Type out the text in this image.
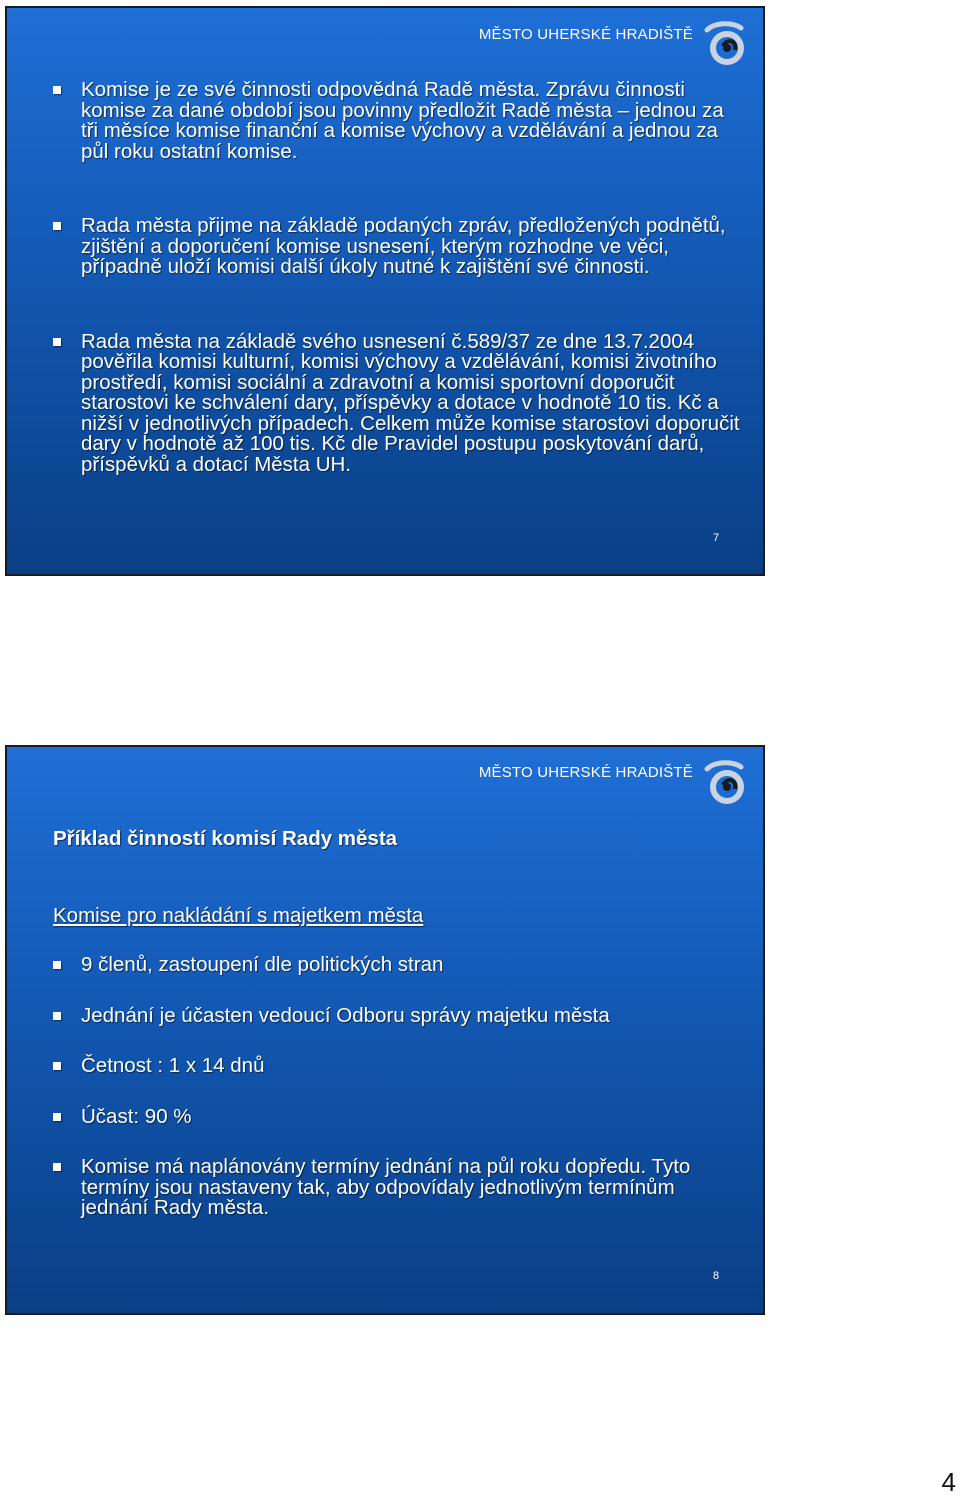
MĚSTO UHERSKÉ HRADIŠTĚ
Komise je ze své činnosti odpovědná Radě města. Zprávu činnosti komise za dané období jsou povinny předložit Radě města – jednou za tři měsíce komise finanční a komise výchovy a vzdělávání a jednou za půl roku ostatní komise.
Rada města přijme na základě podaných zpráv, předložených podnětů, zjištění a doporučení komise usnesení, kterým rozhodne ve věci, případně uloží komisi další úkoly nutné k zajištění své činnosti.
Rada města na základě svého usnesení č.589/37 ze dne 13.7.2004 pověřila komisi kulturní, komisi výchovy a vzdělávání, komisi životního prostředí, komisi sociální a zdravotní a komisi sportovní doporučit starostovi ke schválení dary, příspěvky a dotace v hodnotě 10 tis. Kč a nižší v jednotlivých případech. Celkem může komise starostovi doporučit dary v hodnotě až 100 tis. Kč dle Pravidel postupu poskytování darů, příspěvků a dotací Města UH.
7
MĚSTO UHERSKÉ HRADIŠTĚ
Příklad činností komisí Rady města
Komise pro nakládání s majetkem města
9 členů, zastoupení dle politických stran
Jednání je účasten vedoucí Odboru správy majetku města
Četnost : 1 x 14 dnů
Účast: 90 %
Komise má naplánovány termíny jednání na půl roku dopředu. Tyto termíny jsou nastaveny tak, aby odpovídaly jednotlivým termínům jednání Rady města.
8
4
